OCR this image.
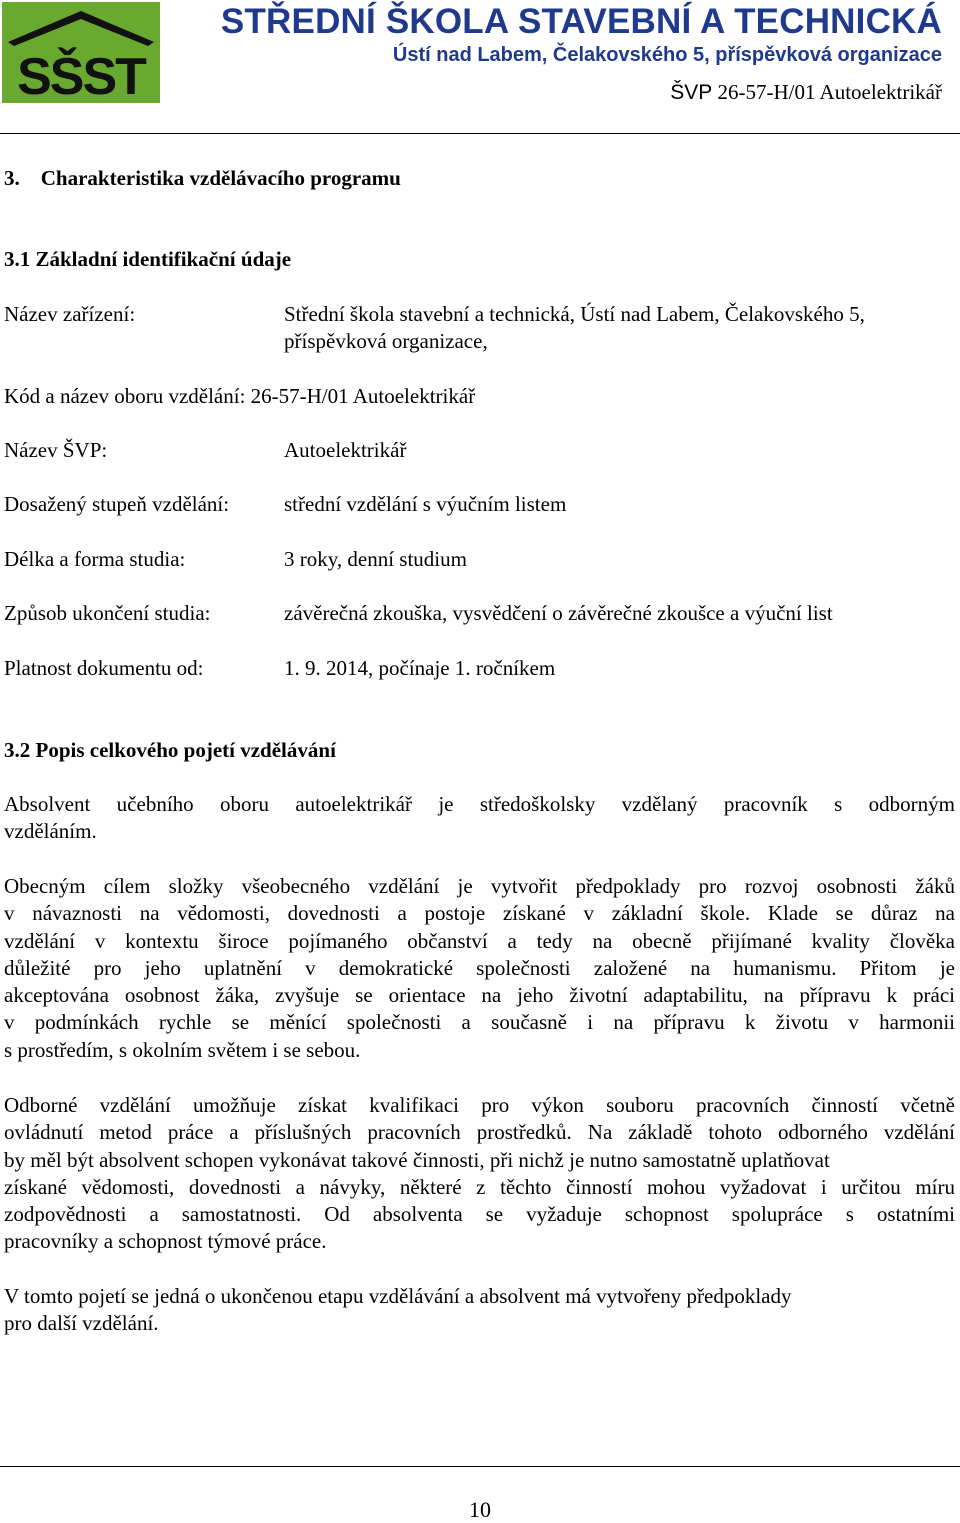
SŠST
STŘEDNÍ ŠKOLA STAVEBNÍ A TECHNICKÁ
Ústí nad Labem, Čelakovského 5, příspěvková organizace
ŠVP 26-57-H/01 Autoelektrikář
3. Charakteristika vzdělávacího programu
3.1 Základní identifikační údaje
Název zařízení:	Střední škola stavební a technická, Ústí nad Labem, Čelakovského 5,
příspěvková organizace,
Kód a název oboru vzdělání: 26-57-H/01 Autoelektrikář
Název ŠVP:	Autoelektrikář
Dosažený stupeň vzdělání:	střední vzdělání s výučním listem
Délka a forma studia:	3 roky, denní studium
Způsob ukončení studia:	závěrečná zkouška, vysvědčení o závěrečné zkoušce a výuční list
Platnost dokumentu od:	1. 9. 2014, počínaje 1. ročníkem
3.2 Popis celkového pojetí vzdělávání
Absolvent učebního oboru autoelektrikář je středoškolsky vzdělaný pracovník s odborným
vzděláním.
Obecným cílem složky všeobecného vzdělání je vytvořit předpoklady pro rozvoj osobnosti žáků
v návaznosti na vědomosti, dovednosti a postoje získané v základní škole. Klade se důraz na
vzdělání v kontextu široce pojímaného občanství a tedy na obecně přijímané kvality člověka
důležité pro jeho uplatnění v demokratické společnosti založené na humanismu. Přitom je
akceptována osobnost žáka, zvyšuje se orientace na jeho životní adaptabilitu, na přípravu k práci
v podmínkách rychle se měnící společnosti a současně i na přípravu k životu v harmonii
s prostředím, s okolním světem i se sebou.
Odborné vzdělání umožňuje získat kvalifikaci pro výkon souboru pracovních činností včetně
ovládnutí metod práce a příslušných pracovních prostředků. Na základě tohoto odborného vzdělání
by měl být absolvent schopen vykonávat takové činnosti, při nichž je nutno samostatně uplatňovat
získané vědomosti, dovednosti a návyky, některé z těchto činností mohou vyžadovat i určitou míru
zodpovědnosti a samostatnosti. Od absolventa se vyžaduje schopnost spolupráce s ostatními
pracovníky a schopnost týmové práce.
V tomto pojetí se jedná o ukončenou etapu vzdělávání a absolvent má vytvořeny předpoklady
pro další vzdělání.
10
